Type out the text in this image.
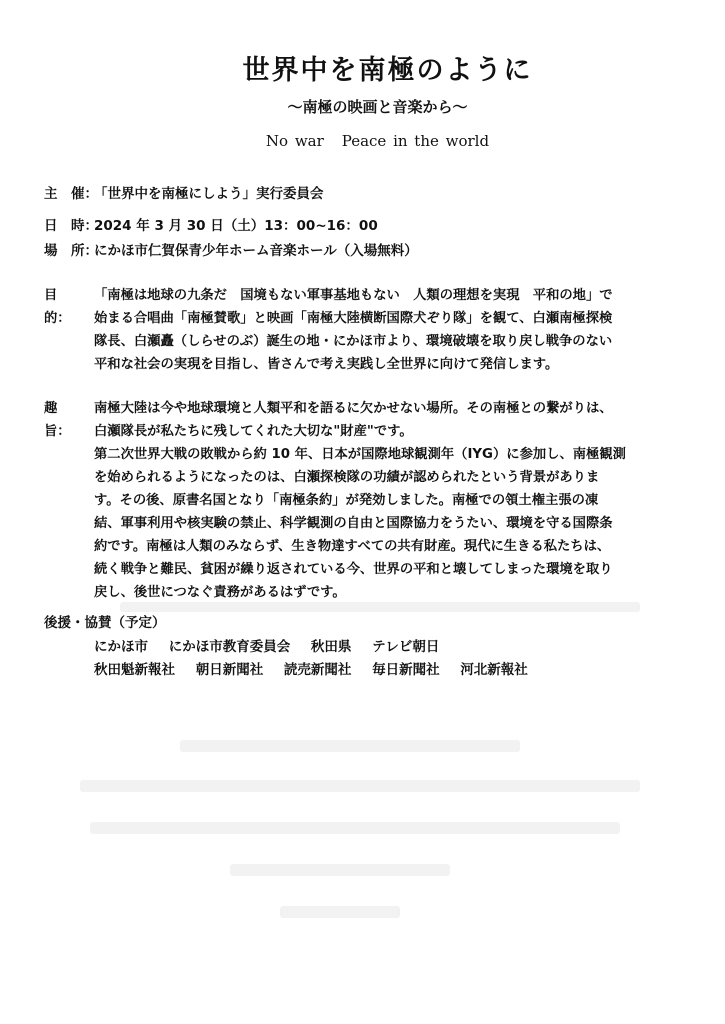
世界中を南極のように
～南極の映画と音楽から～
No war Peace in the world
主　催：「世界中を南極にしよう」実行委員会
日　時：2024 年 3 月 30 日（土）13：00~16：00
場　所：にかほ市仁賀保青少年ホーム音楽ホール（入場無料）
目　的：
「南極は地球の九条だ　国境もない軍事基地もない　人類の理想を実現　平和の地」で
始まる合唱曲「南極賛歌」と映画「南極大陸横断国際犬ぞり隊」を観て、白瀬南極探検
隊長、白瀬矗（しらせのぶ）誕生の地・にかほ市より、環境破壊を取り戻し戦争のない
平和な社会の実現を目指し、皆さんで考え実践し全世界に向けて発信します。
趣　旨：
南極大陸は今や地球環境と人類平和を語るに欠かせない場所。その南極との繋がりは、
白瀬隊長が私たちに残してくれた大切な"財産"です。
第二次世界大戦の敗戦から約 10 年、日本が国際地球観測年（IYG）に参加し、南極観測
を始められるようになったのは、白瀬探検隊の功績が認められたという背景がありま
す。その後、原書名国となり「南極条約」が発効しました。南極での領土権主張の凍
結、軍事利用や核実験の禁止、科学観測の自由と国際協力をうたい、環境を守る国際条
約です。南極は人類のみならず、生き物達すべての共有財産。現代に生きる私たちは、
続く戦争と難民、貧困が繰り返されている今、世界の平和と壊してしまった環境を取り
戻し、後世につなぐ責務があるはずです。
後援・協賛（予定）
にかほ市 にかほ市教育委員会 秋田県 テレビ朝日
秋田魁新報社 朝日新聞社 読売新聞社 毎日新聞社 河北新報社
